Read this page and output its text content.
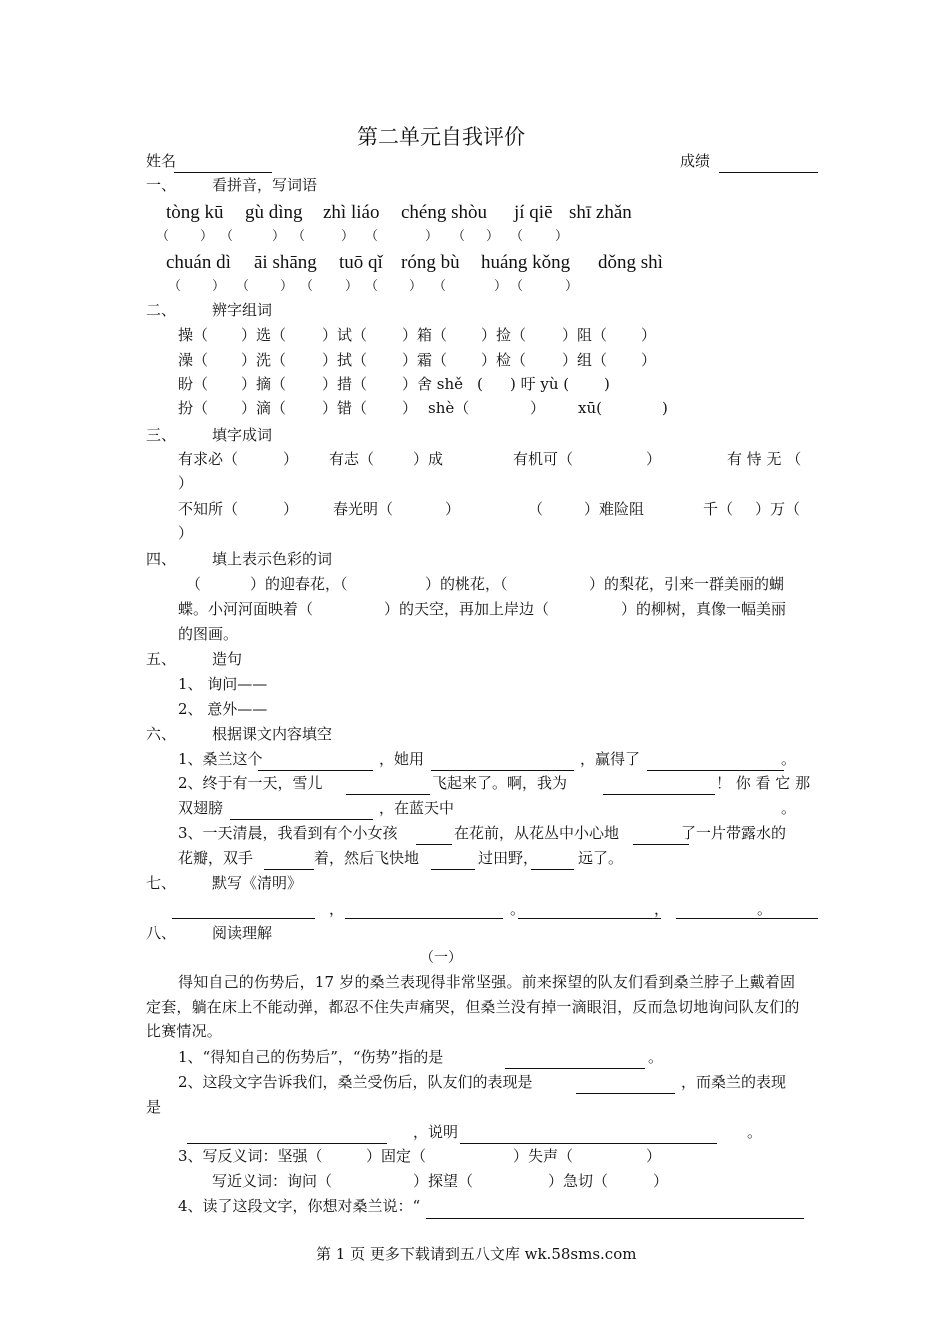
第二单元自我评价
姓名	成绩
一、 看拼音，写词语
tòng kū gù dìng zhì liáo chéng shòu jí qiē shī zhǎn
（ ） （	） （	） （	） （ ） （ ）
chuán dì āi shāng tuō qǐ róng bù huáng kǒng dǒng shì
（ ） （ ） （ ） （ ） （	） （	）
二、 辨字组词
操（ ）选（ ）试（ ）箱（ ）捡（ ）阻（ ）
澡（ ）洗（ ）拭（ ）霜（ ）检（ ）组（ ）
盼（ ）摘（ ）措（ ）舍 shě ( ) 吁 yù ( )
扮（ ）滴（ ）错（ ） shè（	） xū(	)
三、 填字成词
有求必（	） 有志（	）成	有机可（	）	有 恃 无 （
）
不知所（	） 春光明（	）	（	）难险阻	千（ ）万（
）
四、 填上表示色彩的词
（	）的迎春花，（	）的桃花，（	）的梨花，引来一群美丽的蝴
蝶。小河河面映着（	）的天空，再加上岸边（	）的柳树，真像一幅美丽
的图画。
五、 造句
1、 询问——
2、 意外——
六、 根据课文内容填空
1、桑兰这个	，她用	，赢得了	。
2、终于有一天，雪儿	飞起来了。啊，我为	！ 你 看 它 那
双翅膀	，在蓝天中	。
3、一天清晨，我看到有个小女孩	在花前，从花丛中小心地	了一片带露水的
花瓣，双手	着，然后飞快地	过田野，	远了。
七、 默写《清明》
，	。	，	。
八、 阅读理解
（一）
得知自己的伤势后，17 岁的桑兰表现得非常坚强。前来探望的队友们看到桑兰脖子上戴着固定套，躺在床上不能动弹，都忍不住失声痛哭，但桑兰没有掉一滴眼泪，反而急切地询问队友们的比赛情况。
1、“得知自己的伤势后”，“伤势”指的是	。
2、这段文字告诉我们，桑兰受伤后，队友们的表现是	，而桑兰的表现
是
，说明	。
3、写反义词：坚强（	）固定（	）失声（	）
写近义词：询问（	）探望（	）急切（	）
4、读了这段文字，你想对桑兰说：“
第 1 页 更多下载请到五八文库 wk.58sms.com
